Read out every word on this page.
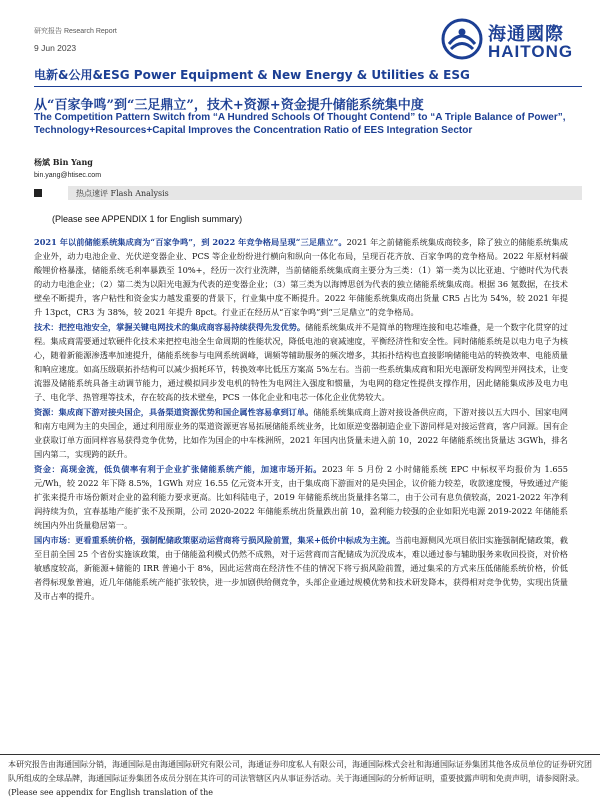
研究报告 Research Report
9 Jun 2023
海通國際
HAITONG
电新&公用&ESG Power Equipment & New Energy & Utilities & ESG
从“百家争鸣”到“三足鼎立”，技术+资源+资金提升储能系统集中度
The Competition Pattern Switch from “A Hundred Schools Of Thought Contend” to “A Triple Balance of Power”, Technology+Resources+Capital Improves the Concentration Ratio of EES Integration Sector
杨斌 Bin Yang
bin.yang@htisec.com
热点速评 Flash Analysis
(Please see APPENDIX 1 for English summary)

2021 年以前储能系统集成商为“百家争鸣”，到 2022 年竞争格局呈现“三足鼎立”。2021 年之前储能系统集成商较多，除了独立的储能系统集成企业外，动力电池企业、光伏逆变器企业、PCS 等企业纷纷进行横向和纵向一体化布局，呈现百花齐放、百家争鸣的竞争格局。2022 年原材料碳酸锂价格暴涨，储能系统毛利率暴跌至 10%+，经历一次行业洗牌，当前储能系统集成商主要分为三类：（1）第一类为以比亚迪、宁德时代为代表的动力电池企业；（2）第二类为以阳光电源为代表的逆变器企业；（3）第三类为以海博思创为代表的独立储能系统集成商。根据 36 氪数据，在技术壁垒不断提升，客户粘性和资金实力越发重要的背景下，行业集中度不断提升。2022 年储能系统集成商出货量 CR5 占比为 54%，较 2021 年提升 13pct，CR3 为 38%，较 2021 年提升 8pct。行业正在经历从“百家争鸣”到“三足鼎立”的竞争格局。

技术：把控电池安全，掌握关键电网技术的集成商容易持续获得先发优势。储能系统集成并不是简单的物理连接和电芯堆叠，是一个数字化贯穿的过程。集成商需要通过软硬件化技术来把控电池全生命周期的性能状况，降低电池的衰减速度，平衡经济性和安全性。同时储能系统是以电力电子为核心，随着新能源渗透率加速提升，储能系统参与电网系统调峰，调频等辅助服务的频次增多，其拓扑结构也直接影响储能电站的转换效率、电能质量和响应速度。如高压级联拓扑结构可以减少损耗环节，转换效率比低压方案高 5%左右。当前一些系统集成商和阳光电源研发构网型并网技术，让变流器及储能系统具备主动调节能力，通过模拟同步发电机的特性为电网注入强度和惯量，为电网的稳定性提供支撑作用，因此储能集成涉及电力电子、电化学、热管理等技术，存在较高的技术壁垒，PCS 一体化企业和电芯一体化企业优势较大。

资源：集成商下游对接央国企，具备渠道资源优势和国企属性容易拿到订单。储能系统集成商上游对接设备供应商，下游对接以五大四小、国家电网和南方电网为主的央国企，通过利用原业务的渠道资源更容易拓展储能系统业务，比如原逆变器制造企业下游同样是对接运营商，客户同源。国有企业获取订单方面同样容易获得竞争优势，比如作为国企的中车株洲所，2021 年国内出货量未进入前 10，2022 年储能系统出货量达 3GWh，排名国内第二，实现跨的跃升。

资金：高现金流，低负债率有利于企业扩张储能系统产能，加速市场开拓。2023 年 5 月份 2 小时储能系统 EPC 中标权平均报价为 1.655 元/Wh，较 2022 年下降 8.5%，1GWh 对应 16.55 亿元资本开支，由于集成商下游面对的是央国企，议价能力较差，收款速度慢，导致通过产能扩张来提升市场份额对企业的盈利能力要求更高。比如科陆电子，2019 年储能系统出货量排名第二，由于公司有息负债较高，2021-2022 年净利润持续为负，宜春基地产能扩张不及预期，公司 2020-2022 年储能系统出货量跌出前 10，盈利能力较强的企业如阳光电源 2019-2022 年储能系统国内外出货量稳居第一。

国内市场：更看重系统价格，强制配储政策驱动运营商将亏损风险前置，集采+低价中标成为主流。当前电源侧风光项目依旧实施强制配储政策，截至目前全国 25 个省份实施该政策，由于储能盈利模式仍然不成熟，对于运营商而言配储成为沉没成本，难以通过参与辅助服务来收回投资，对价格敏感度较高，新能源+储能的 IRR 普遍小于 8%，因此运营商在经济性不佳的情况下将亏损风险前置，通过集采的方式来压低储能系统价格，价低者得标现象普遍，近几年储能系统产能扩张较快，进一步加剧供给侧竞争，头部企业通过规模优势和技术研发降本，获得相对竞争优势，实现出货量及市占率的提升。

本研究报告由海通国际分销，海通国际是由海通国际研究有限公司，海通证券印度私人有限公司，海通国际株式会社和海通国际证券集团其他各成员单位的证券研究团队所组成的全球品牌，海通国际证券集团各成员分别在其许可的司法管辖区内从事证券活动。关于海通国际的分析师证明，重要披露声明和免责声明，请参阅附录。(Please see appendix for English translation of the
